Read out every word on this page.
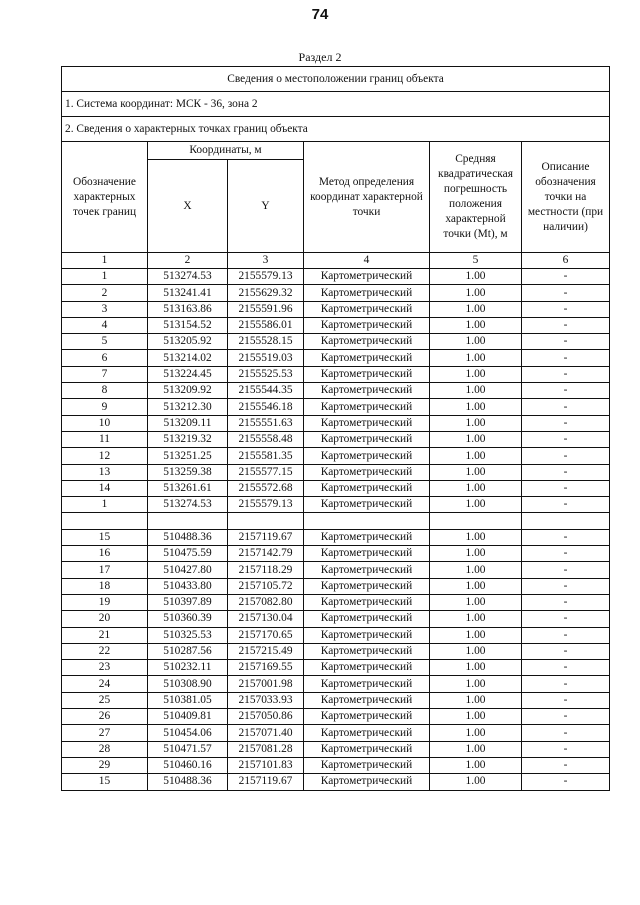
74
Раздел 2
Сведения о местоположении границ объекта					
1. Система координат: МСК - 36, зона 2					
2. Сведения о характерных точках границ объекта					
Обозначение характерных точек границ	Координаты, м		Метод определения координат характерной точки	Средняя квадратическая погрешность положения характерной точки (Mt), м	Описание обозначения точки на местности (при наличии)
	X	Y			
1	2	3	4	5	6
1	513274.53	2155579.13	Картометрический	1.00	-
2	513241.41	2155629.32	Картометрический	1.00	-
3	513163.86	2155591.96	Картометрический	1.00	-
4	513154.52	2155586.01	Картометрический	1.00	-
5	513205.92	2155528.15	Картометрический	1.00	-
6	513214.02	2155519.03	Картометрический	1.00	-
7	513224.45	2155525.53	Картометрический	1.00	-
8	513209.92	2155544.35	Картометрический	1.00	-
9	513212.30	2155546.18	Картометрический	1.00	-
10	513209.11	2155551.63	Картометрический	1.00	-
11	513219.32	2155558.48	Картометрический	1.00	-
12	513251.25	2155581.35	Картометрический	1.00	-
13	513259.38	2155577.15	Картометрический	1.00	-
14	513261.61	2155572.68	Картометрический	1.00	-
1	513274.53	2155579.13	Картометрический	1.00	-

15	510488.36	2157119.67	Картометрический	1.00	-
16	510475.59	2157142.79	Картометрический	1.00	-
17	510427.80	2157118.29	Картометрический	1.00	-
18	510433.80	2157105.72	Картометрический	1.00	-
19	510397.89	2157082.80	Картометрический	1.00	-
20	510360.39	2157130.04	Картометрический	1.00	-
21	510325.53	2157170.65	Картометрический	1.00	-
22	510287.56	2157215.49	Картометрический	1.00	-
23	510232.11	2157169.55	Картометрический	1.00	-
24	510308.90	2157001.98	Картометрический	1.00	-
25	510381.05	2157033.93	Картометрический	1.00	-
26	510409.81	2157050.86	Картометрический	1.00	-
27	510454.06	2157071.40	Картометрический	1.00	-
28	510471.57	2157081.28	Картометрический	1.00	-
29	510460.16	2157101.83	Картометрический	1.00	-
15	510488.36	2157119.67	Картометрический	1.00	-
